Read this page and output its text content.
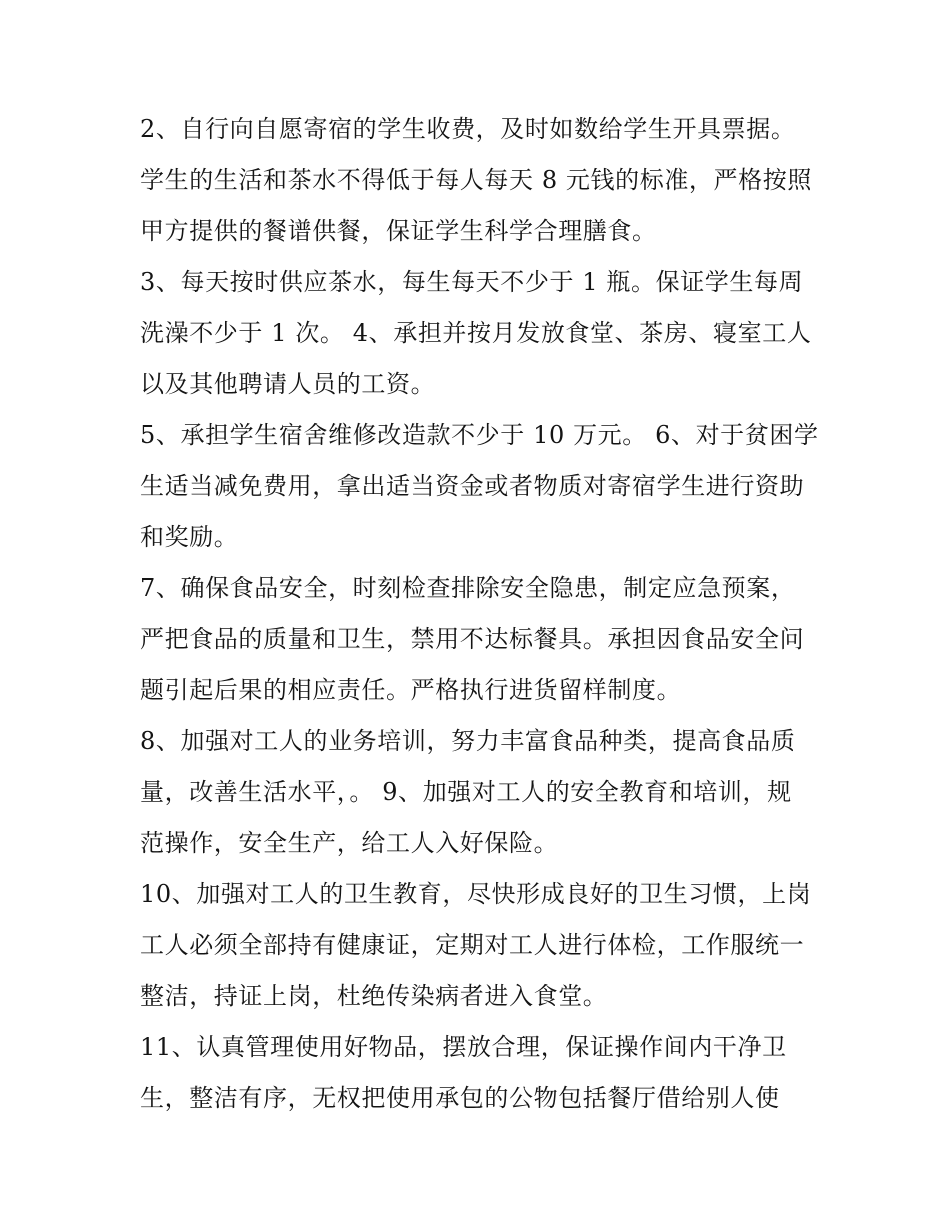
2、自行向自愿寄宿的学生收费，及时如数给学生开具票据。
学生的生活和茶水不得低于每人每天 8 元钱的标准，严格按照
甲方提供的餐谱供餐，保证学生科学合理膳食。
3、每天按时供应茶水，每生每天不少于 1 瓶。保证学生每周
洗澡不少于 1 次。 4、承担并按月发放食堂、茶房、寝室工人
以及其他聘请人员的工资。
5、承担学生宿舍维修改造款不少于 10 万元。 6、对于贫困学
生适当减免费用，拿出适当资金或者物质对寄宿学生进行资助
和奖励。
7、确保食品安全，时刻检查排除安全隐患，制定应急预案，
严把食品的质量和卫生，禁用不达标餐具。承担因食品安全问
题引起后果的相应责任。严格执行进货留样制度。
8、加强对工人的业务培训，努力丰富食品种类，提高食品质
量，改善生活水平，。 9、加强对工人的安全教育和培训，规
范操作，安全生产，给工人入好保险。
10、加强对工人的卫生教育，尽快形成良好的卫生习惯，上岗
工人必须全部持有健康证，定期对工人进行体检，工作服统一
整洁，持证上岗，杜绝传染病者进入食堂。
11、认真管理使用好物品，摆放合理，保证操作间内干净卫
生，整洁有序，无权把使用承包的公物包括餐厅借给别人使
